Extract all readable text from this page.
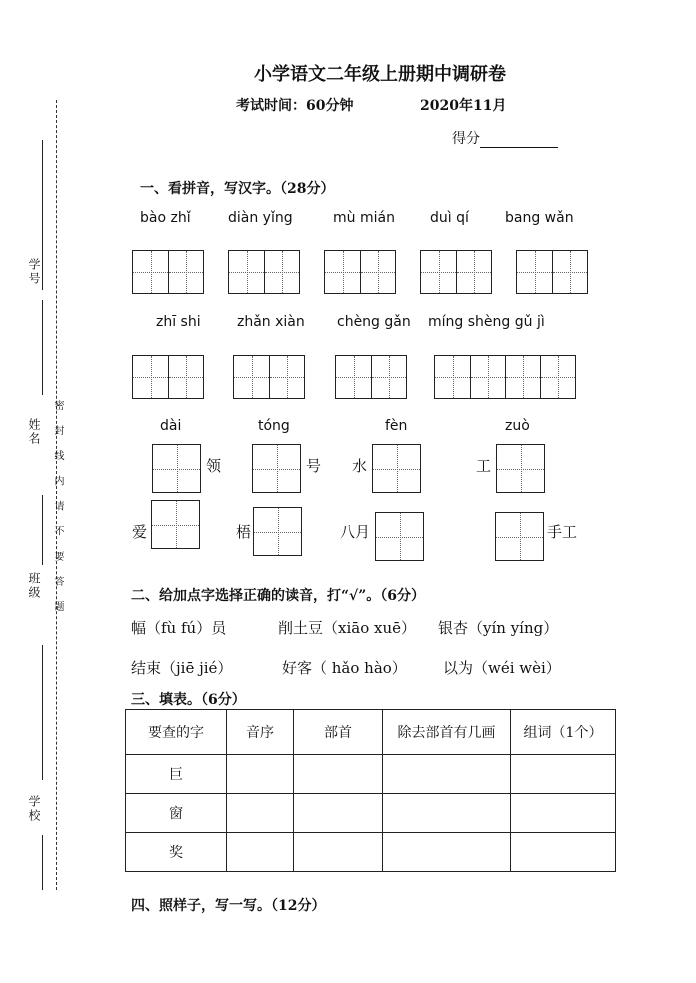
学号
姓名
班级
学校
密 封 线 内 请 不 要 答 题
小学语文二年级上册期中调研卷
考试时间：60分钟	2020年11月
得分
一、看拼音，写汉字。（28分）
bào zhǐ	diàn yǐng	mù mián	duì qí	bang wǎn
zhī shi	zhǎn xiàn chèng gǎn míng shèng gǔ jì
dài	tóng	fèn	zuò
领	号 水	工
爱	梧	八月	手工
二、给加点字选择正确的读音，打“√”。（6分）
幅（fù fú）员	削土豆（xiāo xuē） 银杏（yín yíng）
结束（jiē jié）	好客（ hǎo hào） 以为（wéi wèi）
三、填表。（6分）
要查的字	音序	部首	除去部首有几画	组词（1个）
巨				
窗				
奖				
四、照样子，写一写。（12分）
